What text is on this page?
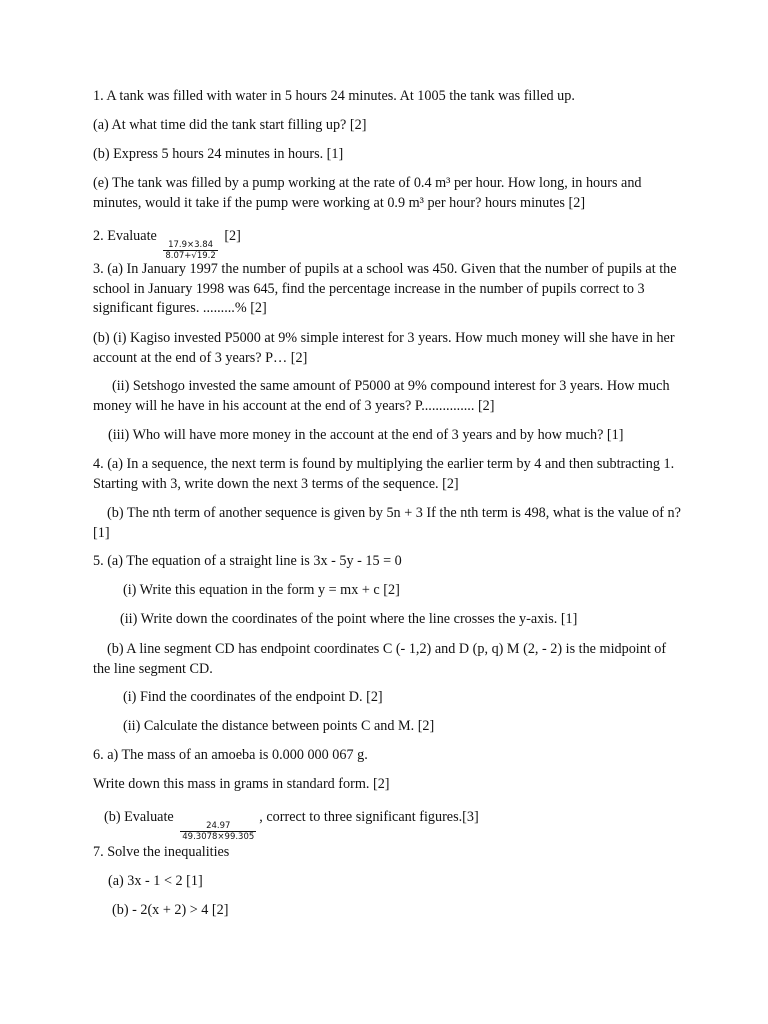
1. A tank was filled with water in 5 hours 24 minutes. At 1005 the tank was filled up.

(a) At what time did the tank start filling up? [2]

(b) Express 5 hours 24 minutes in hours. [1]

(e) The tank was filled by a pump working at the rate of 0.4 m³ per hour. How long, in hours and minutes, would it take if the pump were working at 0.9 m³ per hour? hours minutes [2]

2. Evaluate
$\frac{17.9\times 3.84}{8.07+√19.2}$
[2]

3. (a) In January 1997 the number of pupils at a school was 450. Given that the number of pupils at the school in January 1998 was 645, find the percentage increase in the number of pupils correct to 3 significant figures. .........% [2]

(b) (i) Kagiso invested P5000 at 9% simple interest for 3 years. How much money will she have in her account at the end of 3 years? P… [2]

(ii) Setshogo invested the same amount of P5000 at 9% compound interest for 3 years. How much money will he have in his account at the end of 3 years? P............... [2]

(iii) Who will have more money in the account at the end of 3 years and by how much? [1]

4. (a) In a sequence, the next term is found by multiplying the earlier term by 4 and then subtracting 1. Starting with 3, write down the next 3 terms of the sequence. [2]

(b) The nth term of another sequence is given by 5n + 3 If the nth term is 498, what is the value of n? [1]

5. (a) The equation of a straight line is 3x - 5y - 15 = 0

(i) Write this equation in the form y = mx + c [2]

(ii) Write down the coordinates of the point where the line crosses the y-axis. [1]

(b) A line segment CD has endpoint coordinates C (- 1,2) and D (p, q) M (2, - 2) is the midpoint of the line segment CD.

(i) Find the coordinates of the endpoint D. [2]

(ii) Calculate the distance between points C and M. [2]

6. a) The mass of an amoeba is 0.000 000 067 g.

Write down this mass in grams in standard form. [2]

(b) Evaluate
$\frac{24.97}{49.3078\times 99.305}$
, correct to three significant figures.[3]

7. Solve the inequalities

(a) 3x - 1 < 2 [1]

(b) - 2(x + 2) > 4 [2]
